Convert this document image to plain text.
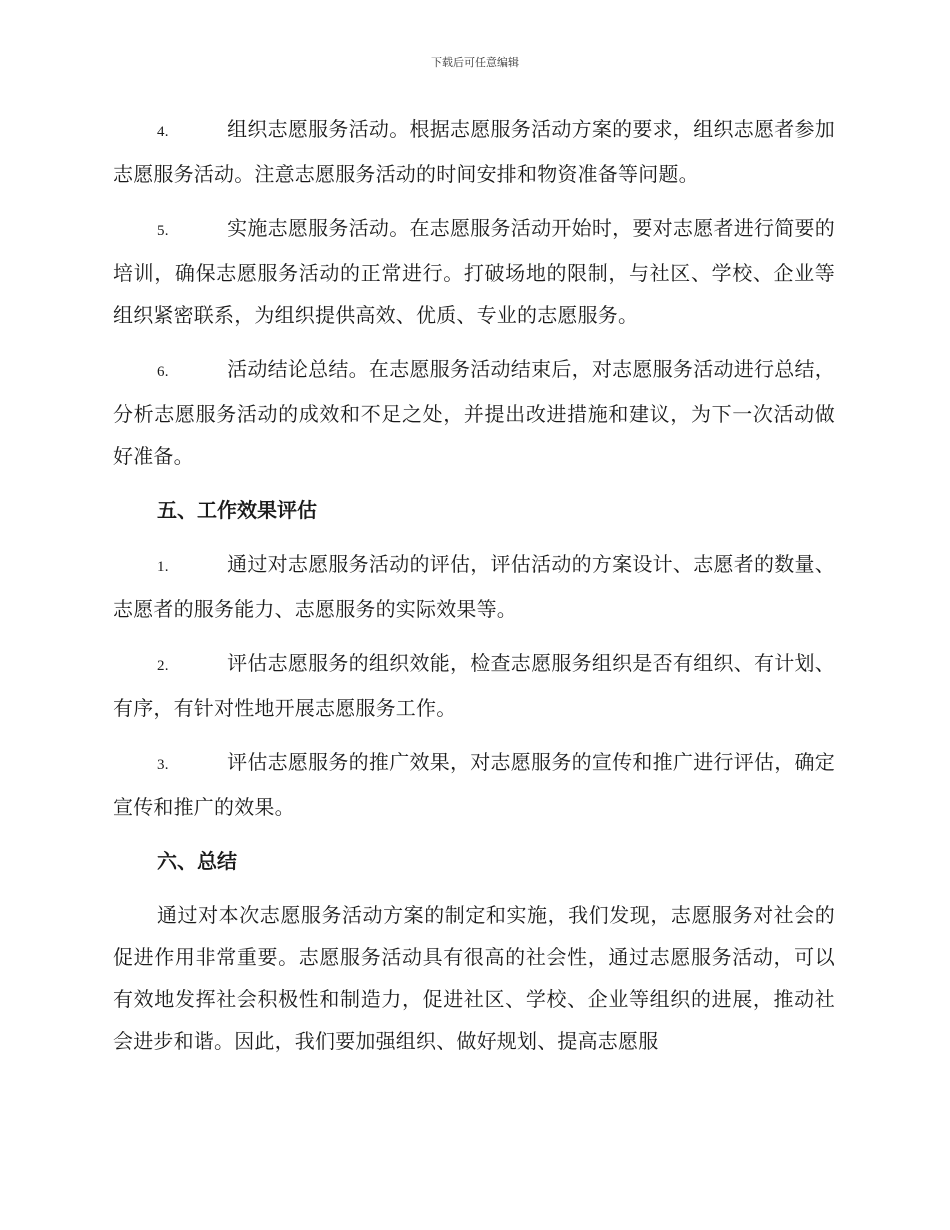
下载后可任意编辑

4.	组织志愿服务活动。根据志愿服务活动方案的要求，组织志愿者参加志愿服务活动。注意志愿服务活动的时间安排和物资准备等问题。

5.	实施志愿服务活动。在志愿服务活动开始时，要对志愿者进行简要的培训，确保志愿服务活动的正常进行。打破场地的限制，与社区、学校、企业等组织紧密联系，为组织提供高效、优质、专业的志愿服务。

6.	活动结论总结。在志愿服务活动结束后，对志愿服务活动进行总结，分析志愿服务活动的成效和不足之处，并提出改进措施和建议，为下一次活动做好准备。

五、工作效果评估

1.	通过对志愿服务活动的评估，评估活动的方案设计、志愿者的数量、志愿者的服务能力、志愿服务的实际效果等。

2.	评估志愿服务的组织效能，检查志愿服务组织是否有组织、有计划、有序，有针对性地开展志愿服务工作。

3.	评估志愿服务的推广效果，对志愿服务的宣传和推广进行评估，确定宣传和推广的效果。

六、总结

通过对本次志愿服务活动方案的制定和实施，我们发现，志愿服务对社会的促进作用非常重要。志愿服务活动具有很高的社会性，通过志愿服务活动，可以有效地发挥社会积极性和制造力，促进社区、学校、企业等组织的进展，推动社会进步和谐。因此，我们要加强组织、做好规划、提高志愿服
